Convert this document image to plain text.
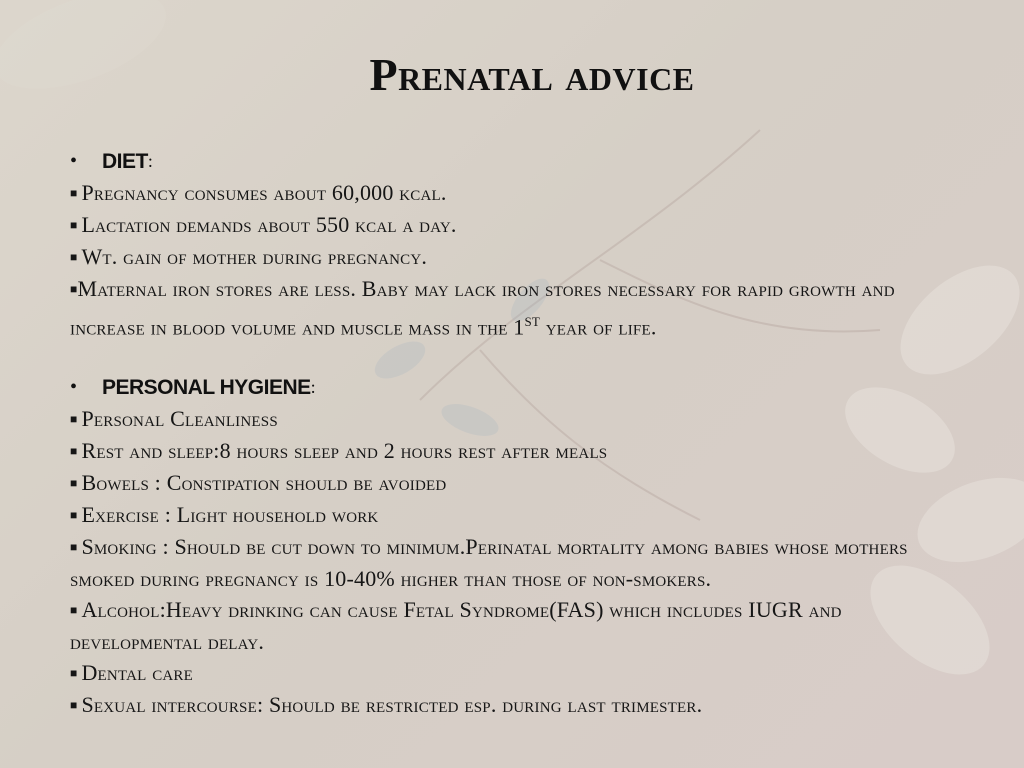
Prenatal advice
•	DIET :
■ Pregnancy consumes about 60,000 kcal.
■ Lactation demands about 550 kcal a day.
■ Wt. gain of mother during pregnancy.
■Maternal iron stores are less. Baby may lack iron stores necessary for rapid growth and increase in blood volume and muscle mass in the 1st year of life.
•	PERSONAL HYGIENE :
■ Personal Cleanliness
■ Rest and sleep:8 hours sleep and 2 hours rest after meals
■ Bowels : Constipation should be avoided
■ Exercise : Light household work
■ Smoking : Should be cut down to minimum.Perinatal mortality among babies whose mothers smoked during pregnancy is 10-40% higher than those of non-smokers.
■ Alcohol:Heavy drinking can cause Fetal Syndrome(FAS) which includes IUGR and developmental delay.
■ Dental care
■ Sexual intercourse: Should be restricted esp. during last trimester.
